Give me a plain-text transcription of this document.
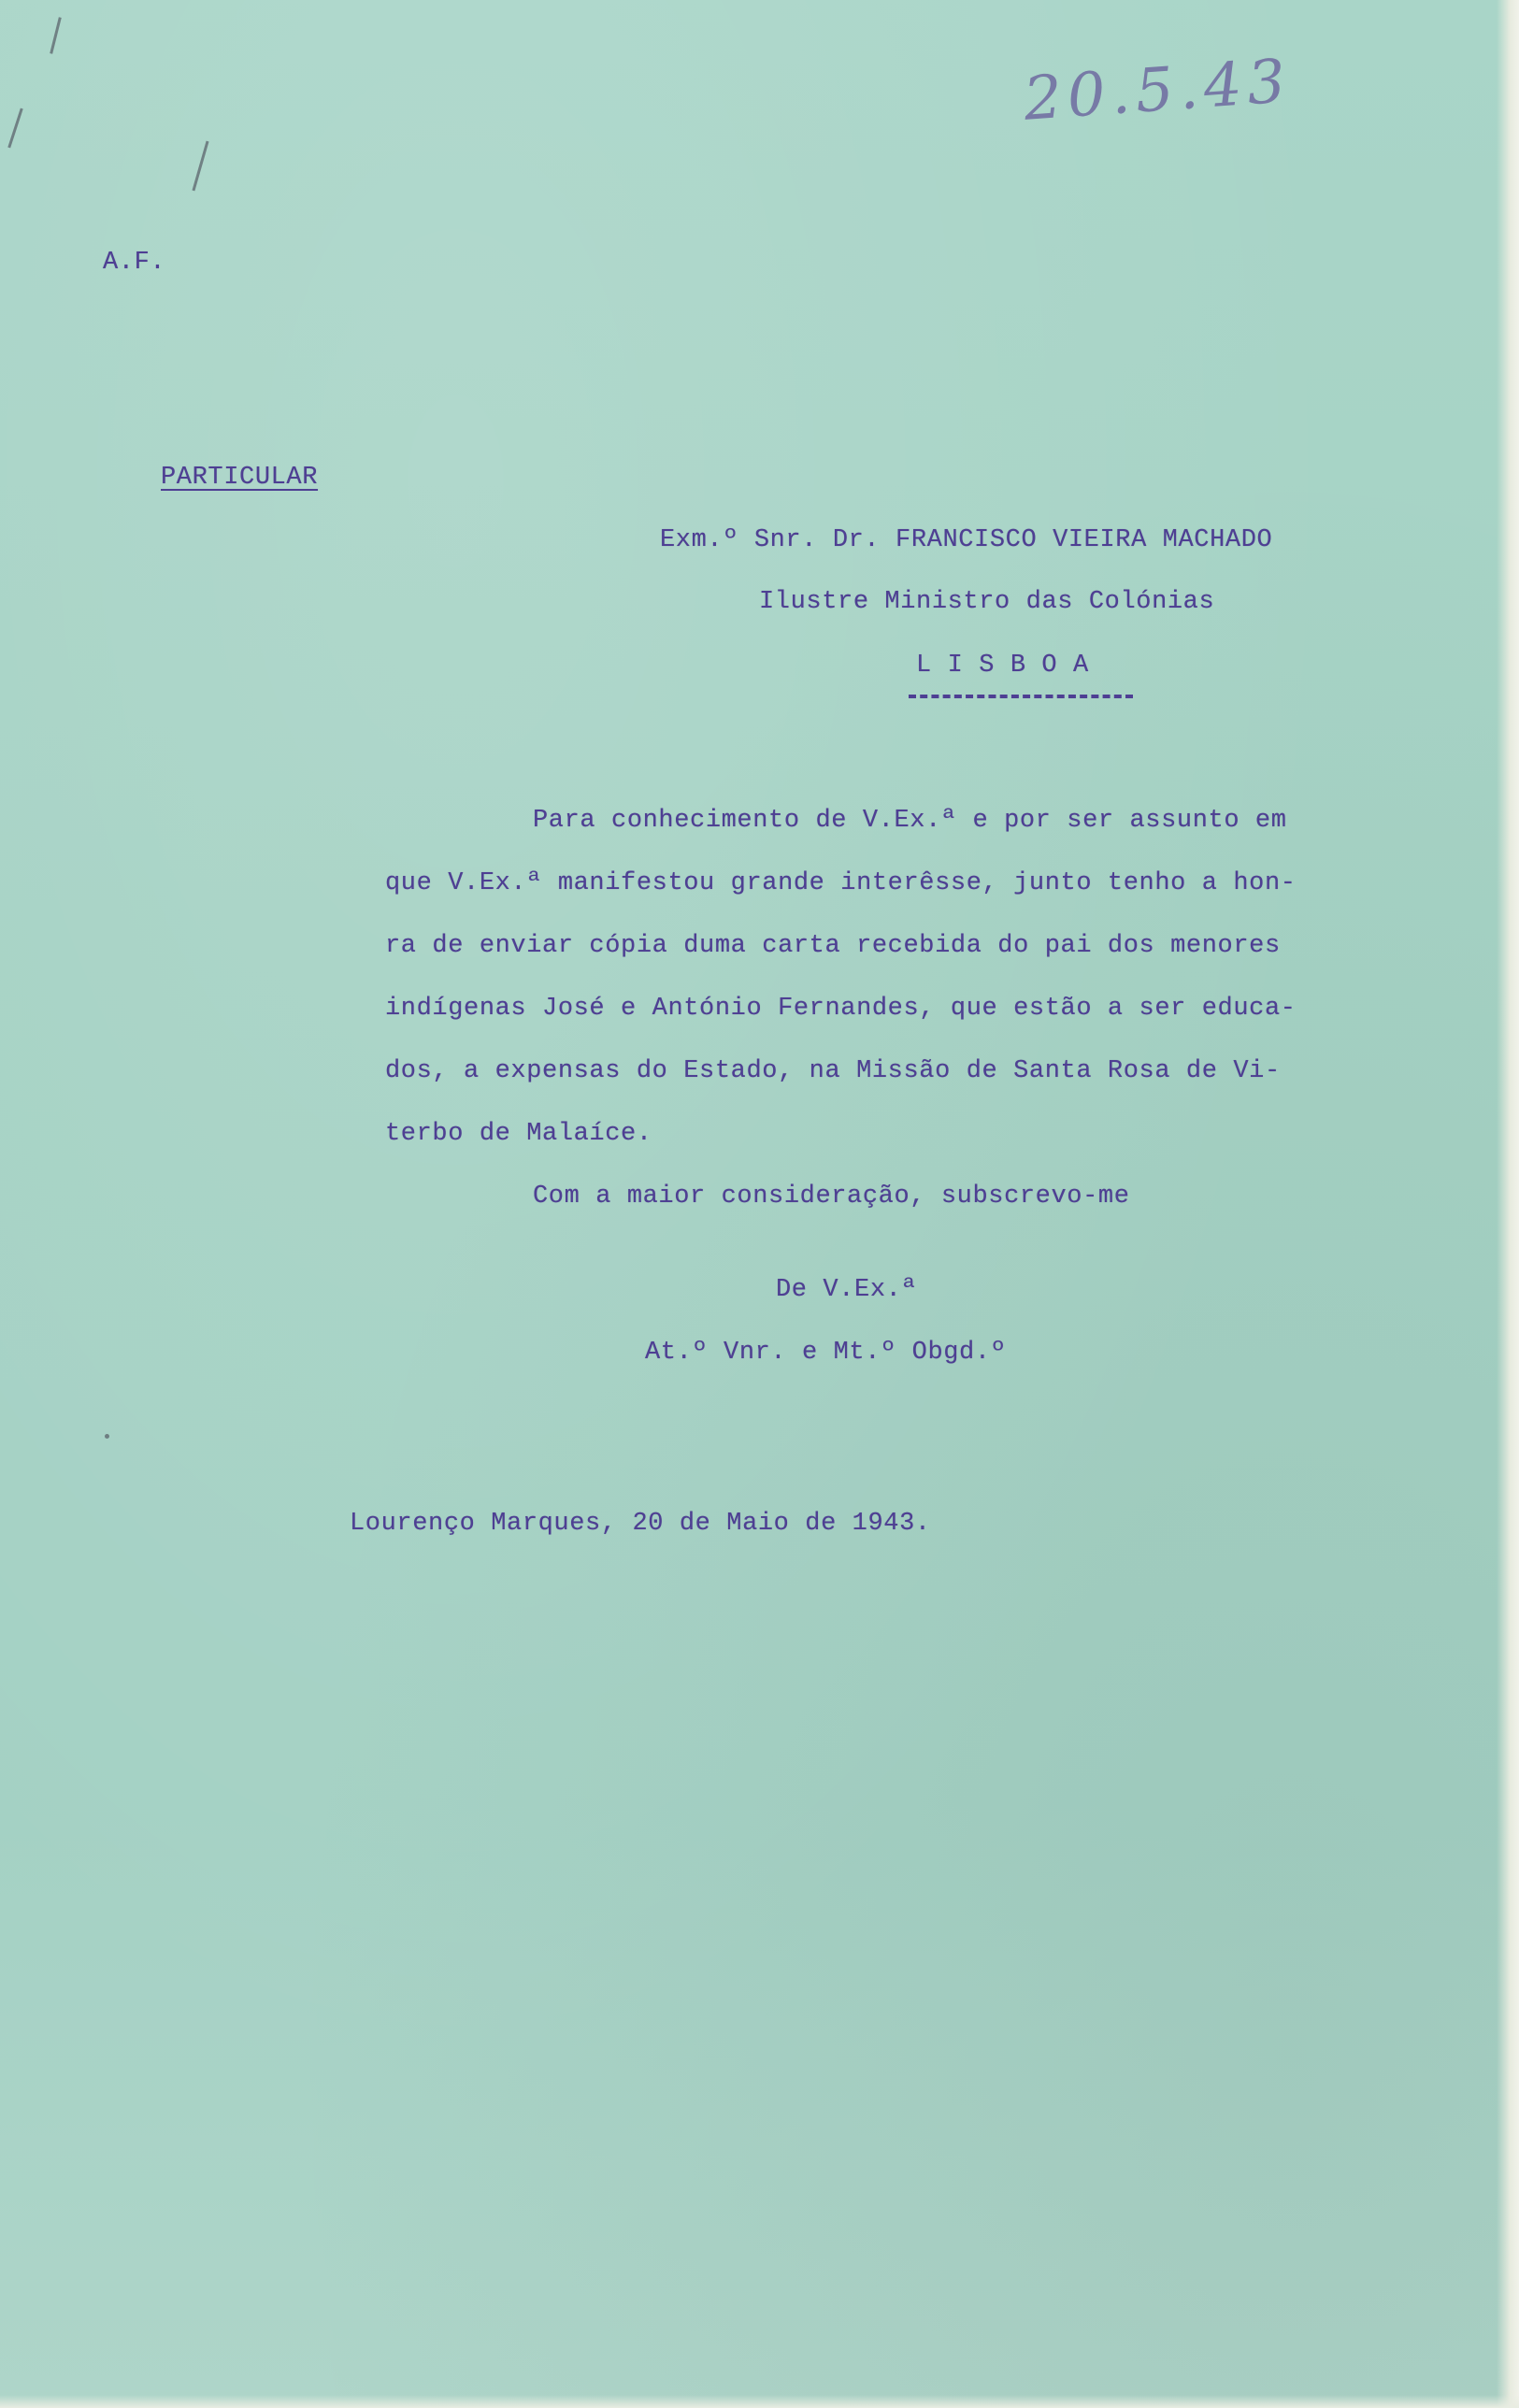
20.5.43
A.F.
PARTICULAR
Exm.º Snr. Dr. FRANCISCO VIEIRA MACHADO
Ilustre Ministro das Colónias
L I S B O A
Para conhecimento de V.Ex.ª e por ser assunto em
que V.Ex.ª manifestou grande interêsse, junto tenho a hon-
ra de enviar cópia duma carta recebida do pai dos menores
indígenas José e António Fernandes, que estão a ser educa-
dos, a expensas do Estado, na Missão de Santa Rosa de Vi-
terbo de Malaíce.
Com a maior consideração, subscrevo-me
De V.Ex.ª
At.º Vnr. e Mt.º Obgd.º
Lourenço Marques, 20 de Maio de 1943.
